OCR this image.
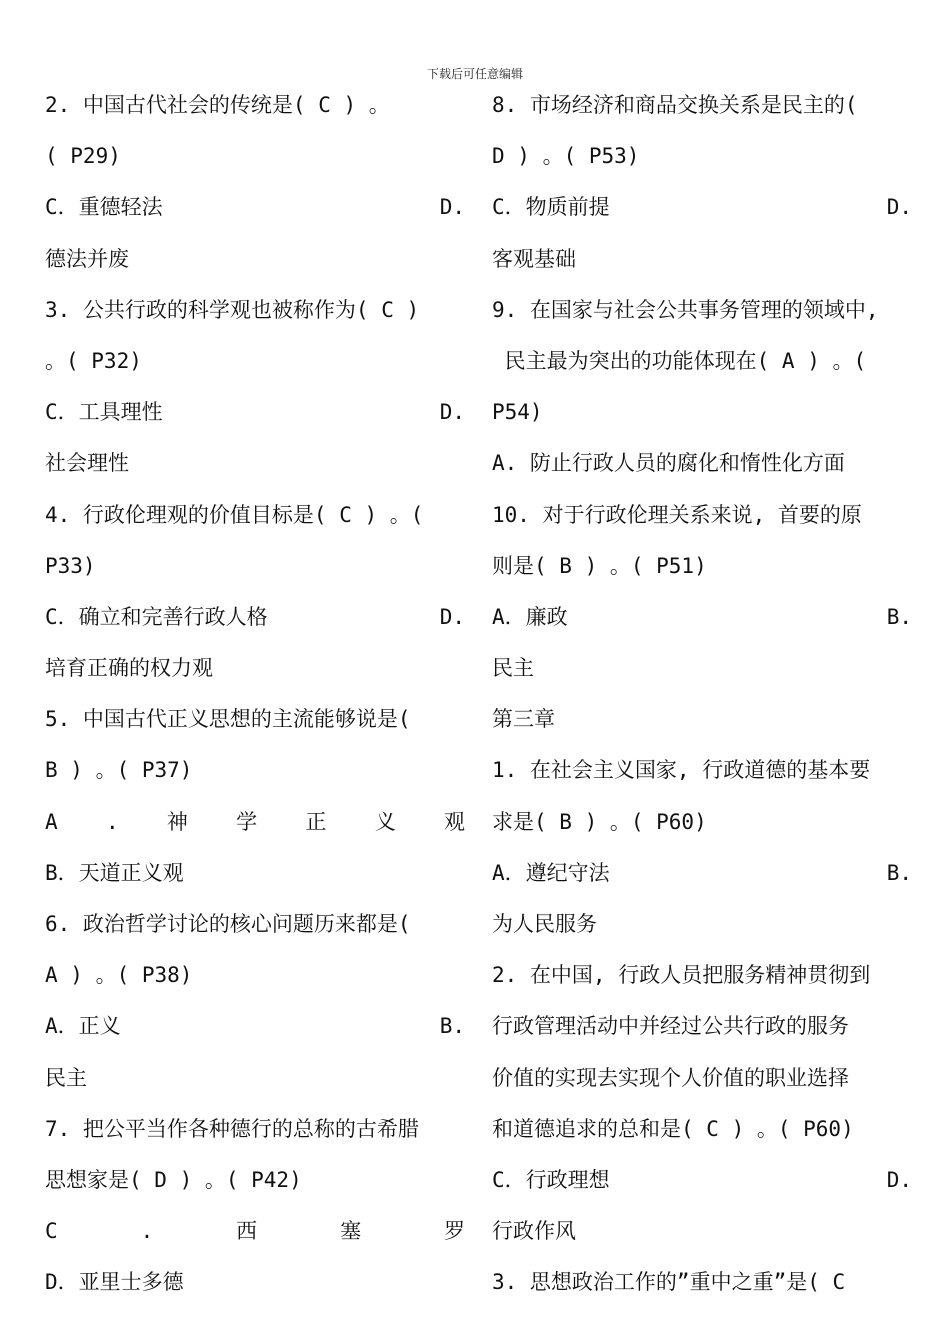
下载后可任意编辑
2. 中国古代社会的传统是( C ) 。
( P29)
C．重德轻法	D.
德法并废
3. 公共行政的科学观也被称作为( C )
。( P32)
C．工具理性	D.
社会理性
4. 行政伦理观的价值目标是( C ) 。(
P33)
C．确立和完善行政人格	D.
培育正确的权力观
5. 中国古代正义思想的主流能够说是(
B ) 。( P37)
A . 神 学 正 义 观
B．天道正义观
6. 政治哲学讨论的核心问题历来都是(
A ) 。( P38)
A．正义	B.
民主
7. 把公平当作各种德行的总称的古希腊
思想家是( D ) 。( P42)
C	.	西	塞	罗
D．亚里士多德
8. 市场经济和商品交换关系是民主的(
D ) 。( P53)
C．物质前提	D.
客观基础
9. 在国家与社会公共事务管理的领域中,
民主最为突出的功能体现在( A ) 。(
P54)
A. 防止行政人员的腐化和惰性化方面
10. 对于行政伦理关系来说, 首要的原
则是( B ) 。( P51)
A．廉政	B.
民主
第三章
1. 在社会主义国家, 行政道德的基本要
求是( B ) 。( P60)
A．遵纪守法	B.
为人民服务
2. 在中国, 行政人员把服务精神贯彻到
行政管理活动中并经过公共行政的服务
价值的实现去实现个人价值的职业选择
和道德追求的总和是( C ) 。( P60)
C．行政理想	D.
行政作风
3. 思想政治工作的”重中之重”是( C
